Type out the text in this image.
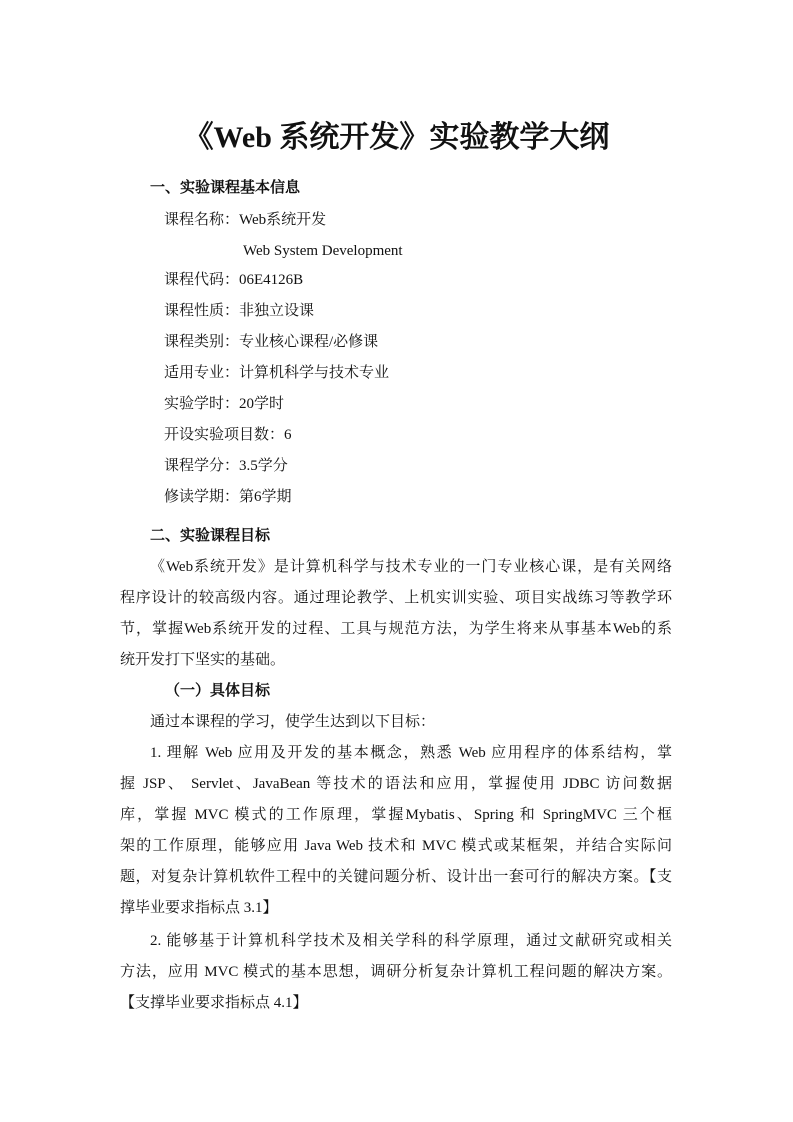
《Web 系统开发》实验教学大纲
一、实验课程基本信息
课程名称：Web系统开发
Web System Development
课程代码：06E4126B
课程性质：非独立设课
课程类别：专业核心课程/必修课
适用专业：计算机科学与技术专业
实验学时：20学时
开设实验项目数：6
课程学分：3.5学分
修读学期：第6学期
二、实验课程目标
《Web系统开发》是计算机科学与技术专业的一门专业核心课，是有关网络
程序设计的较高级内容。通过理论教学、上机实训实验、项目实战练习等教学环
节，掌握Web系统开发的过程、工具与规范方法，为学生将来从事基本Web的系
统开发打下坚实的基础。
（一）具体目标
通过本课程的学习，使学生达到以下目标：
1. 理解 Web 应用及开发的基本概念，熟悉 Web 应用程序的体系结构，掌
握 JSP、 Servlet、JavaBean 等技术的语法和应用，掌握使用 JDBC 访问数据
库，掌握 MVC 模式的工作原理，掌握Mybatis、Spring 和 SpringMVC 三个框
架的工作原理，能够应用 Java Web 技术和 MVC 模式或某框架，并结合实际问
题，对复杂计算机软件工程中的关键问题分析、设计出一套可行的解决方案。【支
撑毕业要求指标点 3.1】
2. 能够基于计算机科学技术及相关学科的科学原理，通过文献研究或相关
方法，应用 MVC 模式的基本思想，调研分析复杂计算机工程问题的解决方案。
【支撑毕业要求指标点 4.1】
